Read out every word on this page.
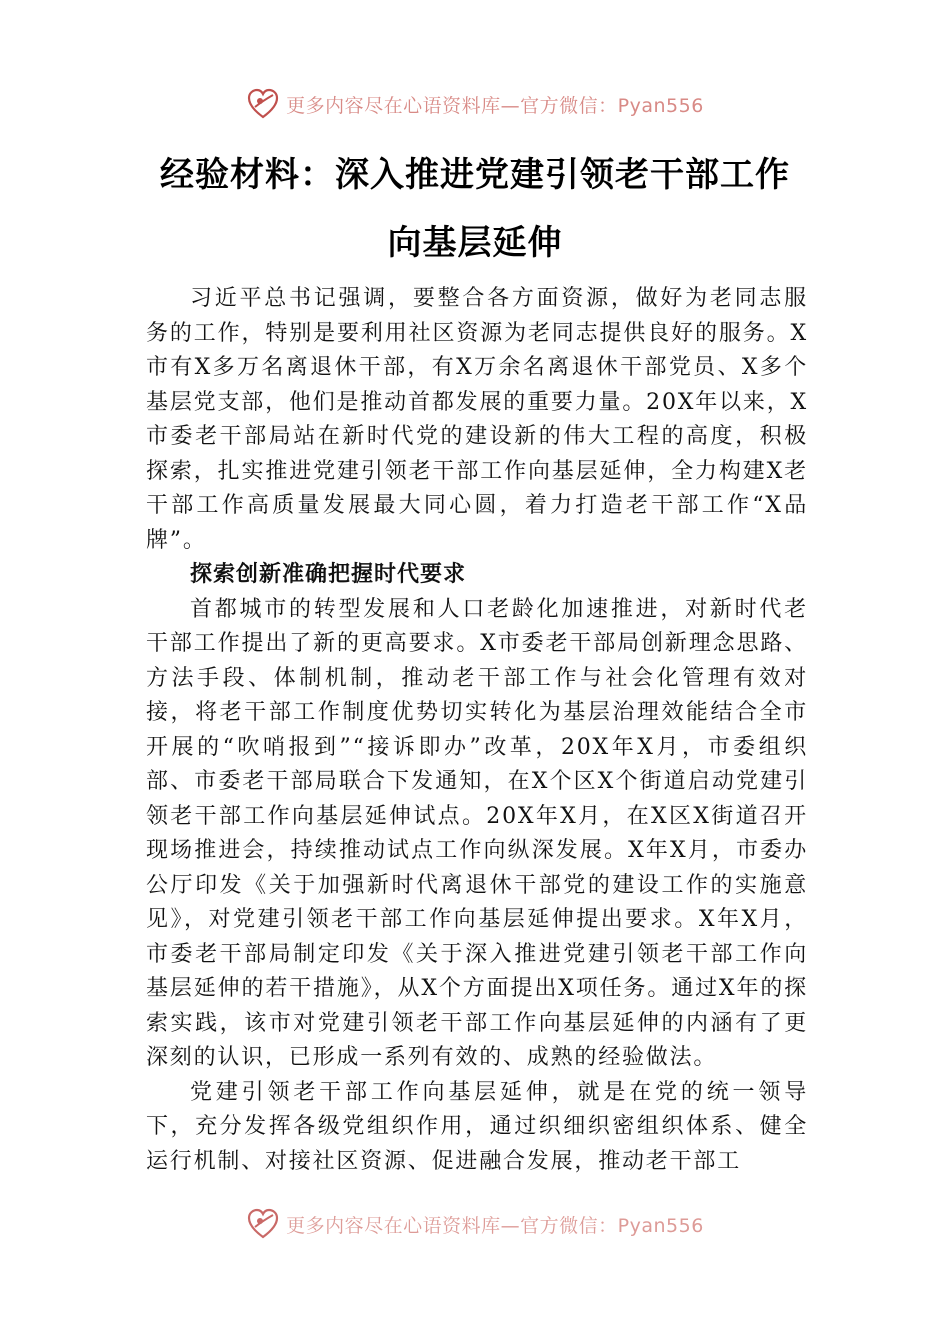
更多内容尽在心语资料库—官方微信：Pyan556
经验材料：深入推进党建引领老干部工作
向基层延伸

习近平总书记强调，要整合各方面资源，做好为老同志服务的工作，特别是要利用社区资源为老同志提供良好的服务。X市有X多万名离退休干部，有X万余名离退休干部党员、X多个基层党支部，他们是推动首都发展的重要力量。20X年以来，X市委老干部局站在新时代党的建设新的伟大工程的高度，积极探索，扎实推进党建引领老干部工作向基层延伸，全力构建X老干部工作高质量发展最大同心圆，着力打造老干部工作“X品牌”。

探索创新准确把握时代要求

首都城市的转型发展和人口老龄化加速推进，对新时代老干部工作提出了新的更高要求。X市委老干部局创新理念思路、方法手段、体制机制，推动老干部工作与社会化管理有效对接，将老干部工作制度优势切实转化为基层治理效能结合全市开展的“吹哨报到”“接诉即办”改革，20X年X月，市委组织部、市委老干部局联合下发通知，在X个区X个街道启动党建引领老干部工作向基层延伸试点。20X年X月，在X区X街道召开现场推进会，持续推动试点工作向纵深发展。X年X月，市委办公厅印发《关于加强新时代离退休干部党的建设工作的实施意见》，对党建引领老干部工作向基层延伸提出要求。X年X月，市委老干部局制定印发《关于深入推进党建引领老干部工作向基层延伸的若干措施》，从X个方面提出X项任务。通过X年的探索实践，该市对党建引领老干部工作向基层延伸的内涵有了更深刻的认识，已形成一系列有效的、成熟的经验做法。

党建引领老干部工作向基层延伸，就是在党的统一领导下，充分发挥各级党组织作用，通过织细织密组织体系、健全运行机制、对接社区资源、促进融合发展，推动老干部工

更多内容尽在心语资料库—官方微信：Pyan556
